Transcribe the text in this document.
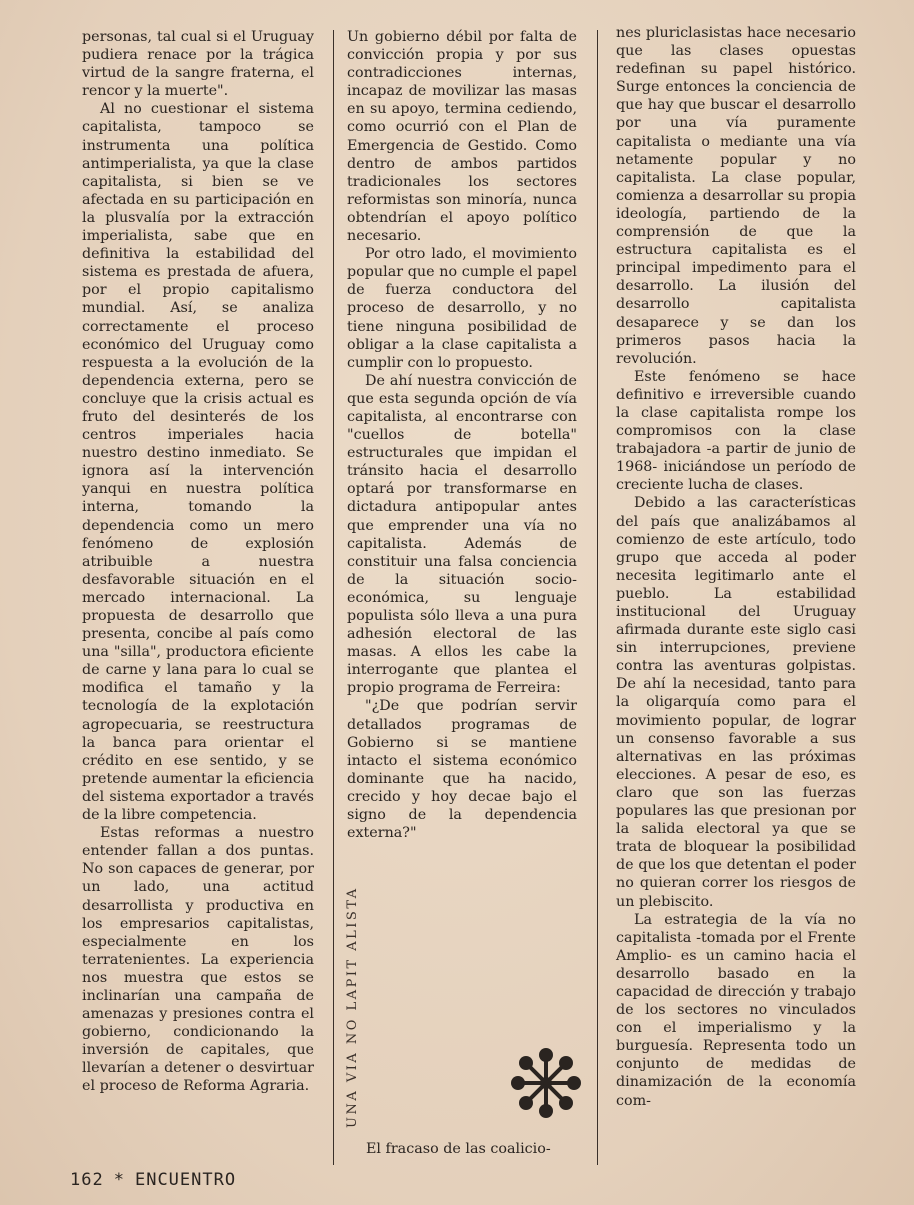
personas, tal cual si el Uruguay pudiera renace por la trágica virtud de la sangre fraterna, el rencor y la muerte".

Al no cuestionar el sistema capitalista, tampoco se instrumenta una política antimperialista, ya que la clase capitalista, si bien se ve afectada en su participación en la plusvalía por la extracción imperialista, sabe que en definitiva la estabilidad del sistema es prestada de afuera, por el propio capitalismo mundial. Así, se analiza correctamente el proceso económico del Uruguay como respuesta a la evolución de la dependencia externa, pero se concluye que la crisis actual es fruto del desinterés de los centros imperiales hacia nuestro destino inmediato. Se ignora así la intervención yanqui en nuestra política interna, tomando la dependencia como un mero fenómeno de explosión atribuible a nuestra desfavorable situación en el mercado internacional. La propuesta de desarrollo que presenta, concibe al país como una "silla", productora eficiente de carne y lana para lo cual se modifica el tamaño y la tecnología de la explotación agropecuaria, se reestructura la banca para orientar el crédito en ese sentido, y se pretende aumentar la eficiencia del sistema exportador a través de la libre competencia.

Estas reformas a nuestro entender fallan a dos puntas. No son capaces de generar, por un lado, una actitud desarrollista y productiva en los empresarios capitalistas, especialmente en los terratenientes. La experiencia nos muestra que estos se inclinarían una campaña de amenazas y presiones contra el gobierno, condicionando la inversión de capitales, que llevarían a detener o desvirtuar el proceso de Reforma Agraria.

Un gobierno débil por falta de convicción propia y por sus contradicciones internas, incapaz de movilizar las masas en su apoyo, termina cediendo, como ocurrió con el Plan de Emergencia de Gestido. Como dentro de ambos partidos tradicionales los sectores reformistas son minoría, nunca obtendrían el apoyo político necesario.

Por otro lado, el movimiento popular que no cumple el papel de fuerza conductora del proceso de desarrollo, y no tiene ninguna posibilidad de obligar a la clase capitalista a cumplir con lo propuesto.

De ahí nuestra convicción de que esta segunda opción de vía capitalista, al encontrarse con "cuellos de botella" estructurales que impidan el tránsito hacia el desarrollo optará por transformarse en dictadura antipopular antes que emprender una vía no capitalista. Además de constituir una falsa conciencia de la situación socio-económica, su lenguaje populista sólo lleva a una pura adhesión electoral de las masas. A ellos les cabe la interrogante que plantea el propio programa de Ferreira:

"¿De que podrían servir detallados programas de Gobierno si se mantiene intacto el sistema económico dominante que ha nacido, crecido y hoy decae bajo el signo de la dependencia externa?"

nes pluriclasistas hace necesario que las clases opuestas redefinan su papel histórico. Surge entonces la conciencia de que hay que buscar el desarrollo por una vía puramente capitalista o mediante una vía netamente popular y no capitalista. La clase popular, comienza a desarrollar su propia ideología, partiendo de la comprensión de que la estructura capitalista es el principal impedimento para el desarrollo. La ilusión del desarrollo capitalista desaparece y se dan los primeros pasos hacia la revolución.

Este fenómeno se hace definitivo e irreversible cuando la clase capitalista rompe los compromisos con la clase trabajadora -a partir de junio de 1968- iniciándose un período de creciente lucha de clases.

Debido a las características del país que analizábamos al comienzo de este artículo, todo grupo que acceda al poder necesita legitimarlo ante el pueblo. La estabilidad institucional del Uruguay afirmada durante este siglo casi sin interrupciones, previene contra las aventuras golpistas. De ahí la necesidad, tanto para la oligarquía como para el movimiento popular, de lograr un consenso favorable a sus alternativas en las próximas elecciones. A pesar de eso, es claro que son las fuerzas populares las que presionan por la salida electoral ya que se trata de bloquear la posibilidad de que los que detentan el poder no quieran correr los riesgos de un plebiscito.

La estrategia de la vía no capitalista -tomada por el Frente Amplio- es un camino hacia el desarrollo basado en la capacidad de dirección y trabajo de los sectores no vinculados con el imperialismo y la burguesía. Representa todo un conjunto de medidas de dinamización de la economía com-

UNA VIA NO LAPIT ALISTA
El fracaso de las coalicio-
162 * ENCUENTRO
